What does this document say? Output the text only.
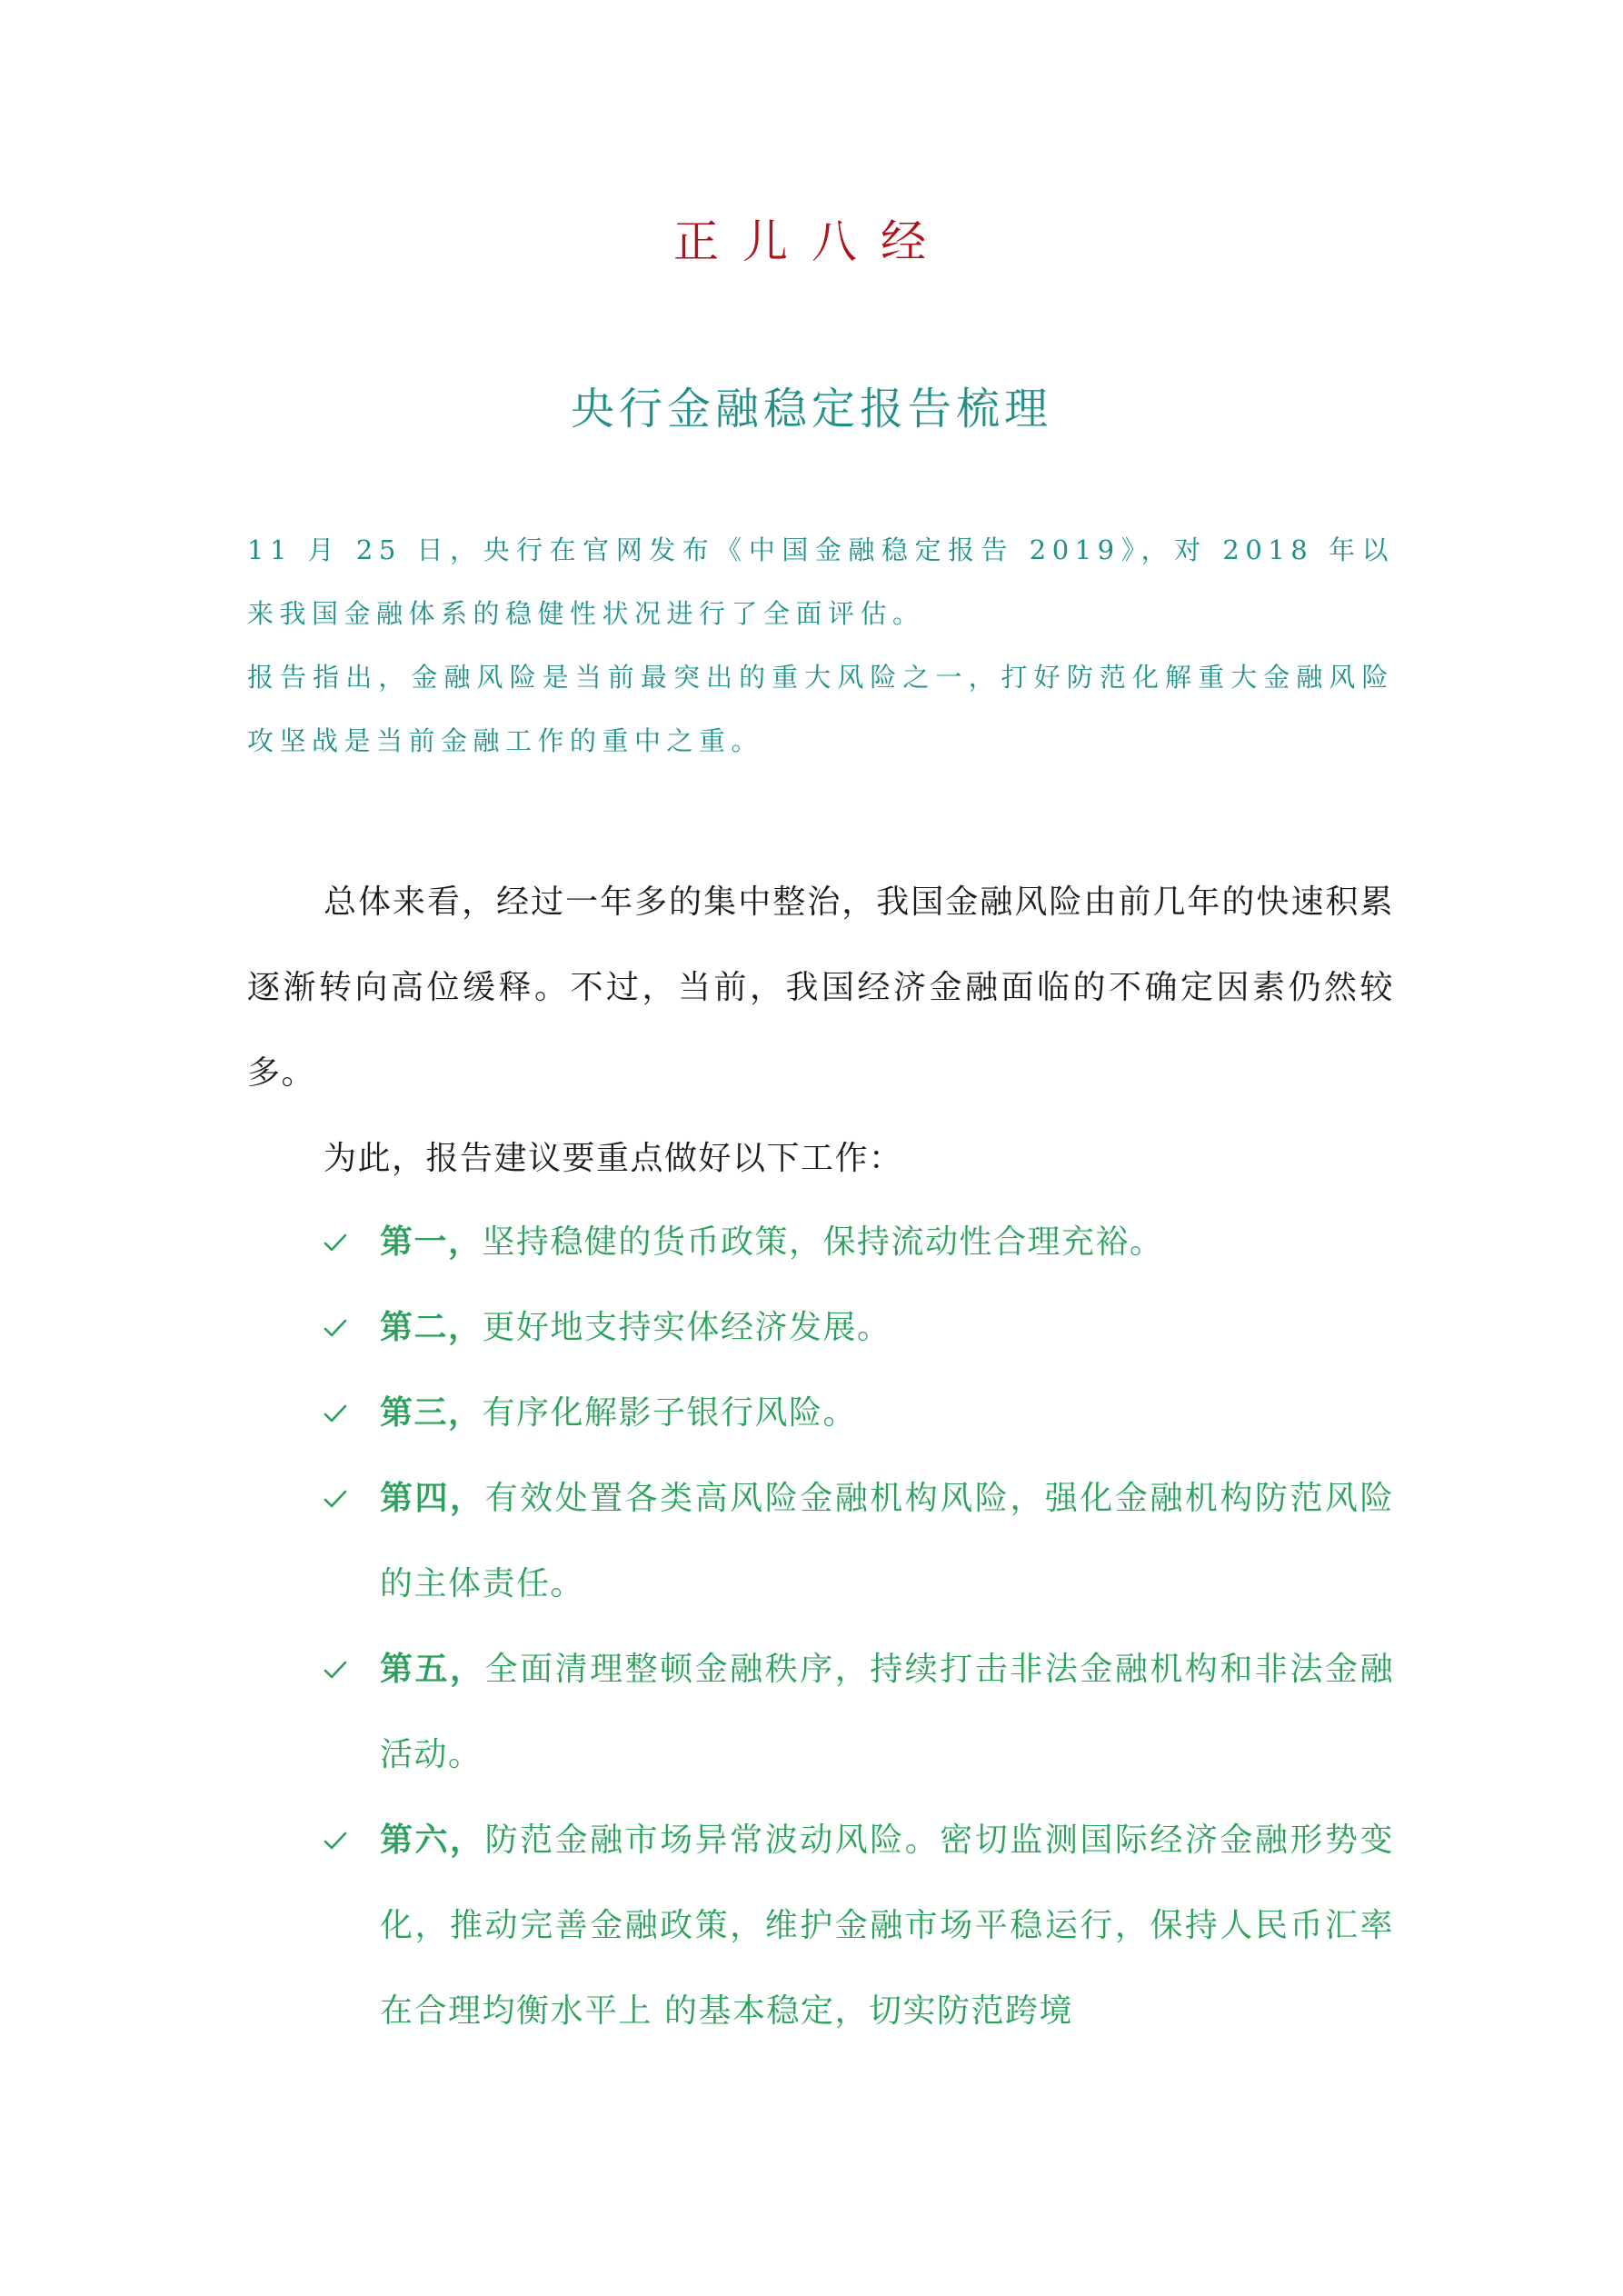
正儿八经
央行金融稳定报告梳理

11 月 25 日，央行在官网发布《中国金融稳定报告 2019》，对 2018 年以来我国金融体系的稳健性状况进行了全面评估。

报告指出，金融风险是当前最突出的重大风险之一，打好防范化解重大金融风险攻坚战是当前金融工作的重中之重。

总体来看，经过一年多的集中整治，我国金融风险由前几年的快速积累逐渐转向高位缓释。不过，当前，我国经济金融面临的不确定因素仍然较多。

为此，报告建议要重点做好以下工作：

第一，坚持稳健的货币政策，保持流动性合理充裕。
第二，更好地支持实体经济发展。
第三，有序化解影子银行风险。
第四，有效处置各类高风险金融机构风险，强化金融机构防范风险的主体责任。
第五，全面清理整顿金融秩序，持续打击非法金融机构和非法金融活动。
第六，防范金融市场异常波动风险。密切监测国际经济金融形势变化，推动完善金融政策，维护金融市场平稳运行，保持人民币汇率在合理均衡水平上 的基本稳定，切实防范跨境
